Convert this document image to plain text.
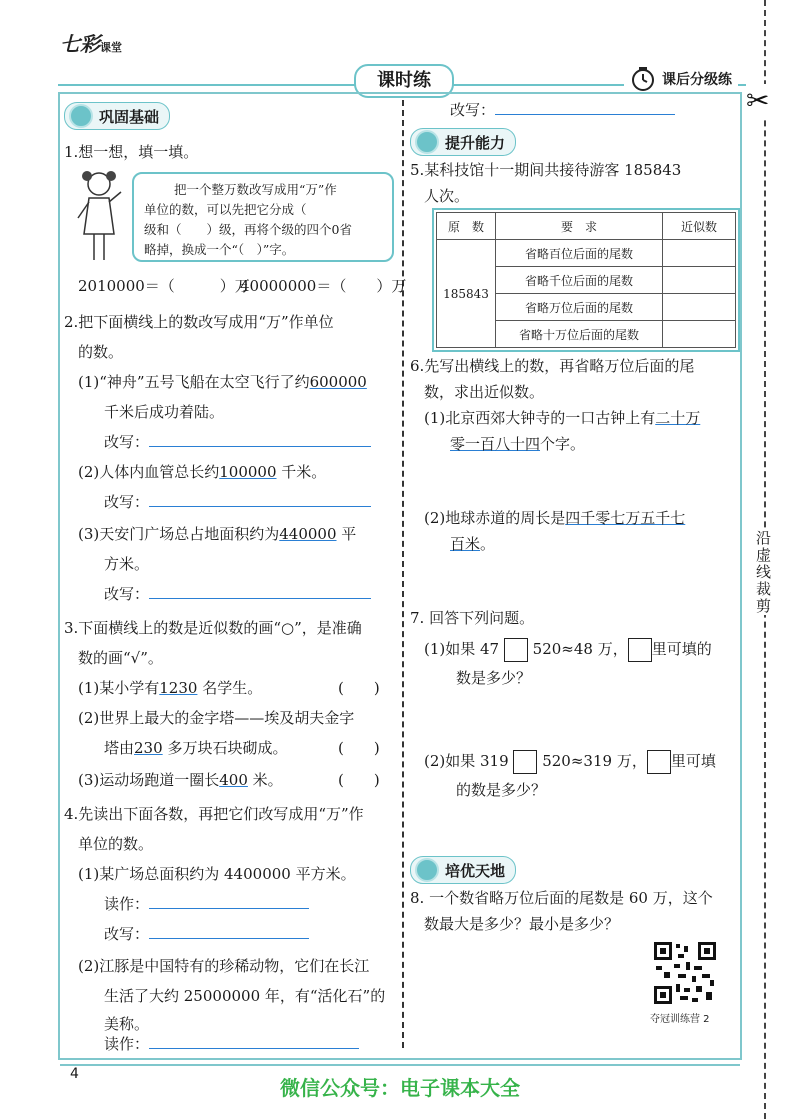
七彩课堂
课时练	课后分级练
✂
沿虚线裁剪
巩固基础
1.想一想，填一填。
把一个整万数改写成用“万”作
单位的数，可以先把它分成（
级和（　　）级，再将个级的四个0省
略掉，换成一个“（　）”字。
2010000＝（　　　）万
40000000＝（　　）万
2.把下面横线上的数改写成用“万”作单位
的数。
(1)“神舟”五号飞船在太空飞行了约600000
千米后成功着陆。
改写：
(2)人体内血管总长约100000 千米。
改写：
(3)天安门广场总占地面积约为440000 平
方米。
改写：
3.下面横线上的数是近似数的画“○”，是准确
数的画“√”。
(1)某小学有1230 名学生。	(　　)
(2)世界上最大的金字塔——埃及胡夫金字
塔由230 多万块石块砌成。	(　　)
(3)运动场跑道一圈长400 米。	(　　)
4.先读出下面各数，再把它们改写成用“万”作
单位的数。
(1)某广场总面积约为 4400000 平方米。
读作：
改写：
(2)江豚是中国特有的珍稀动物，它们在长江
生活了大约 25000000 年，有“活化石”的
美称。
读作：
改写：
提升能力
5.某科技馆十一期间共接待游客 185843
人次。
原　数	要　求	近似数
185843	省略百位后面的尾数	
	省略千位后面的尾数	
	省略万位后面的尾数	
	省略十万位后面的尾数	
6.先写出横线上的数，再省略万位后面的尾
数，求出近似数。
(1)北京西郊大钟寺的一口古钟上有二十万
零一百八十四个字。
(2)地球赤道的周长是四千零七万五千七
百米。
7. 回答下列问题。
(1)如果 47 520≈48 万， 里可填的
数是多少？
(2)如果 319 520≈319 万， 里可填
的数是多少？
培优天地
8. 一个数省略万位后面的尾数是 60 万，这个
数最大是多少？最小是多少？
夺冠训练营 2
4
微信公众号：电子课本大全
